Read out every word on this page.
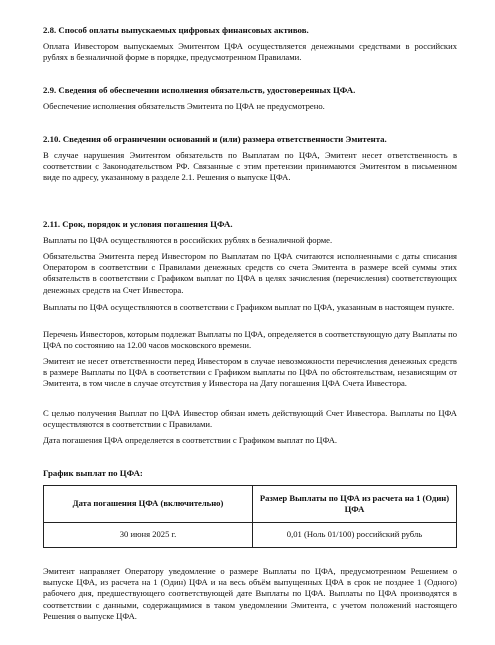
2.8. Способ оплаты выпускаемых цифровых финансовых активов.
Оплата Инвестором выпускаемых Эмитентом ЦФА осуществляется денежными средствами в российских рублях в безналичной форме в порядке, предусмотренном Правилами.
2.9. Сведения об обеспечении исполнения обязательств, удостоверенных ЦФА.
Обеспечение исполнения обязательств Эмитента по ЦФА не предусмотрено.
2.10. Сведения об ограничении оснований и (или) размера ответственности Эмитента.
В случае нарушения Эмитентом обязательств по Выплатам по ЦФА, Эмитент несет ответственность в соответствии с Законодательством РФ. Связанные с этим претензии принимаются Эмитентом в письменном виде по адресу, указанному в разделе 2.1. Решения о выпуске ЦФА.
2.11. Срок, порядок и условия погашения ЦФА.
Выплаты по ЦФА осуществляются в российских рублях в безналичной форме.
Обязательства Эмитента перед Инвестором по Выплатам по ЦФА считаются исполненными с даты списания Оператором в соответствии с Правилами денежных средств со счета Эмитента в размере всей суммы этих обязательств в соответствии с Графиком выплат по ЦФА в целях зачисления (перечисления) соответствующих денежных средств на Счет Инвестора.
Выплаты по ЦФА осуществляются в соответствии с Графиком выплат по ЦФА, указанным в настоящем пункте.
Перечень Инвесторов, которым подлежат Выплаты по ЦФА, определяется в соответствующую дату Выплаты по ЦФА по состоянию на 12.00 часов московского времени.
Эмитент не несет ответственности перед Инвестором в случае невозможности перечисления денежных средств в размере Выплаты по ЦФА в соответствии с Графиком выплаты по ЦФА по обстоятельствам, независящим от Эмитента, в том числе в случае отсутствия у Инвестора на Дату погашения ЦФА Счета Инвестора.
С целью получения Выплат по ЦФА Инвестор обязан иметь действующий Счет Инвестора. Выплаты по ЦФА осуществляются в соответствии с Правилами.
Дата погашения ЦФА определяется в соответствии с Графиком выплат по ЦФА.
График выплат по ЦФА:
Дата погашения ЦФА (включительно)	Размер Выплаты по ЦФА из расчета на 1 (Один) ЦФА
30 июня 2025 г.	0,01 (Ноль 01/100) российский рубль
Эмитент направляет Оператору уведомление о размере Выплаты по ЦФА, предусмотренном Решением о выпуске ЦФА, из расчета на 1 (Один) ЦФА и на весь объём выпущенных ЦФА в срок не позднее 1 (Одного) рабочего дня, предшествующего соответствующей дате Выплаты по ЦФА. Выплаты по ЦФА производятся в соответствии с данными, содержащимися в таком уведомлении Эмитента, с учетом положений настоящего Решения о выпуске ЦФА.
